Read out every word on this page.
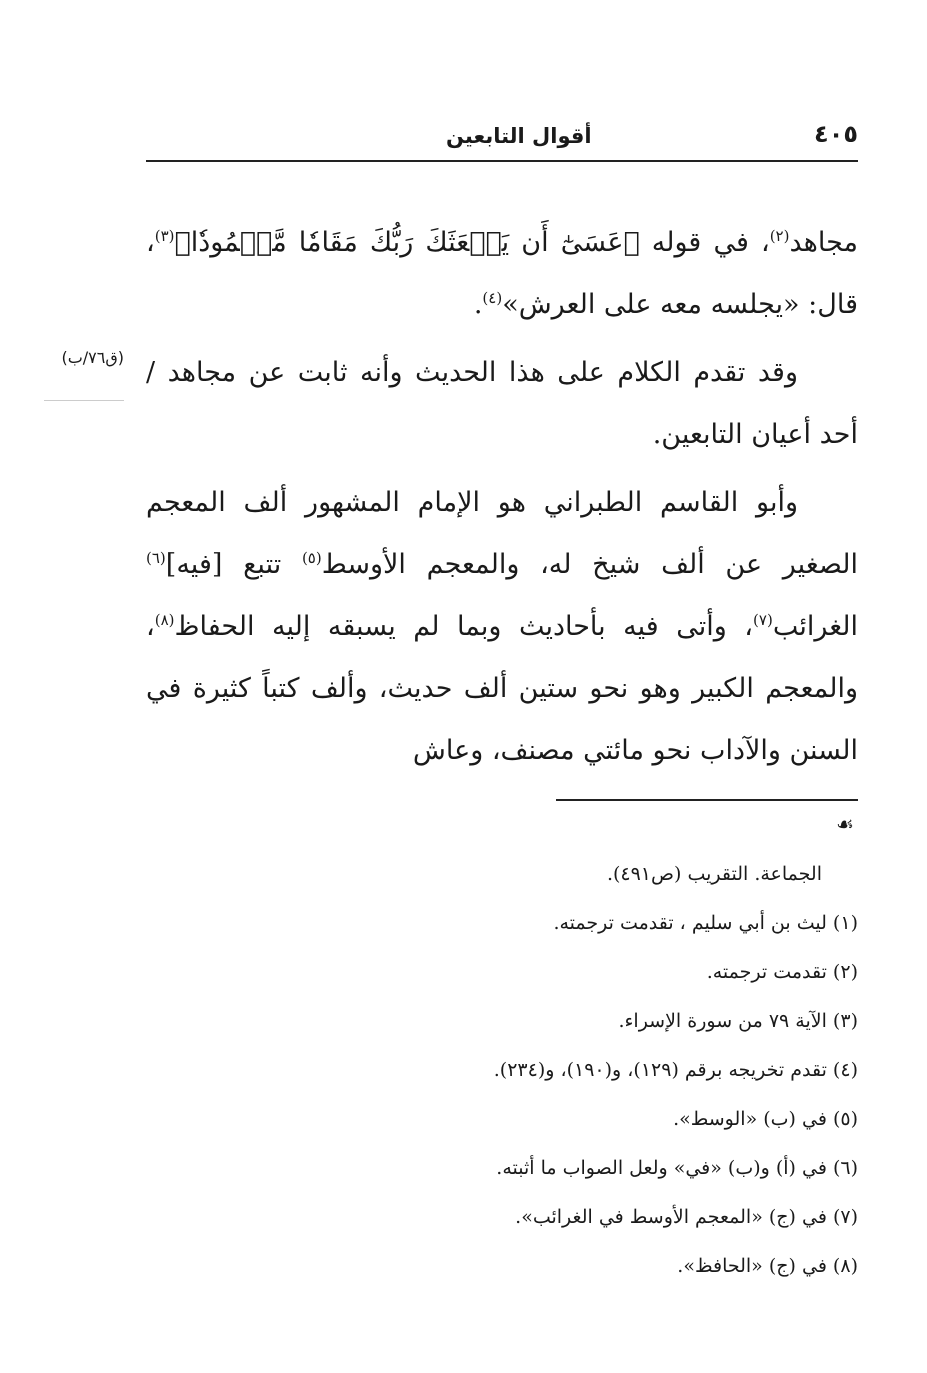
٤٠٥
أقوال التابعين
(ق٧٦/ب)

مجاهد$^{(٢)}$، في قوله ﴿عَسَىٰٓ أَن يَبۡعَثَكَ رَبُّكَ مَقَامٗا مَّحۡمُودٗا﴾$^{(٣)}$، قال: «يجلسه معه على العرش»$^{(٤)}$.

وقد تقدم الكلام على هذا الحديث وأنه ثابت عن مجاهد / أحد أعيان التابعين.

وأبو القاسم الطبراني هو الإمام المشهور ألف المعجم الصغير عن ألف شيخ له، والمعجم الأوسط$^{(٥)}$ تتبع [فيه]$^{(٦)}$ الغرائب$^{(٧)}$، وأتى فيه بأحاديث وبما لم يسبقه إليه الحفاظ$^{(٨)}$، والمعجم الكبير وهو نحو ستين ألف حديث، وألف كتباً كثيرة في السنن والآداب نحو مائتي مصنف، وعاش

☙
الجماعة. التقريب (ص٤٩١).
(١) ليث بن أبي سليم ، تقدمت ترجمته.
(٢) تقدمت ترجمته.
(٣) الآية ٧٩ من سورة الإسراء.
(٤) تقدم تخريجه برقم (١٢٩)، و(١٩٠)، و(٢٣٤).
(٥) في (ب) «الوسط».
(٦) في (أ) و(ب) «في» ولعل الصواب ما أثبته.
(٧) في (ج) «المعجم الأوسط في الغرائب».
(٨) في (ج) «الحافظ».
